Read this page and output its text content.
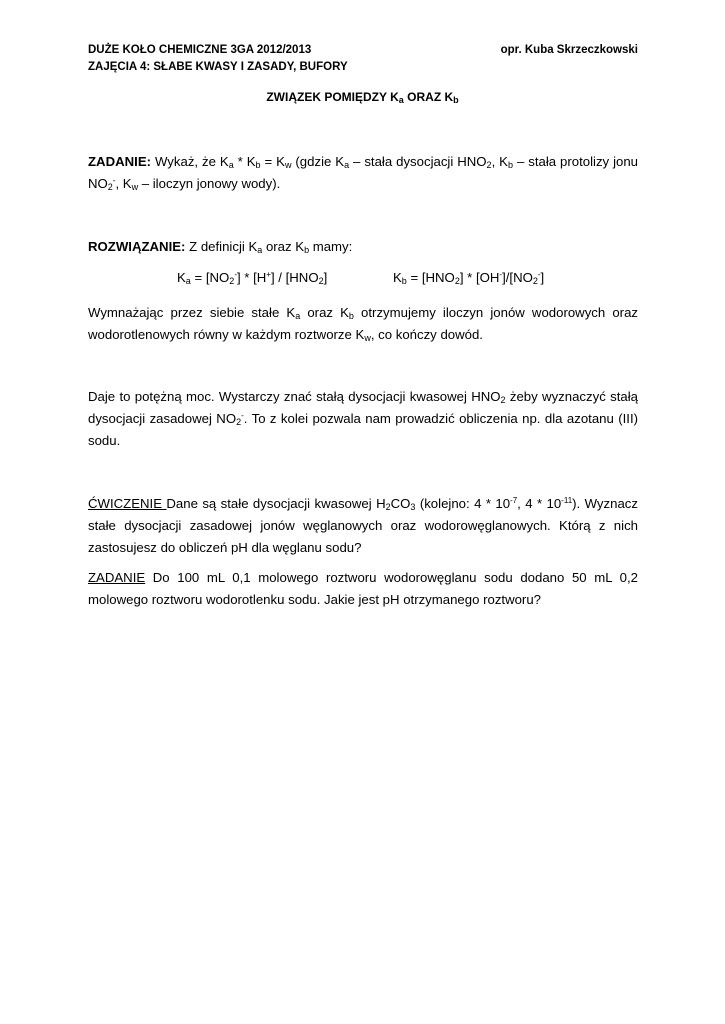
DUŻE KOŁO CHEMICZNE 3GA 2012/2013
ZAJĘCIA 4: SŁABE KWASY I ZASADY, BUFORY
opr. Kuba Skrzeczkowski
ZWIĄZEK POMIĘDZY $K_a$ ORAZ $K_b$
ZADANIE: Wykaż, że $K_a * K_b = K_w$ (gdzie $K_a$ – stała dysocjacji $HNO_2$, $K_b$ – stała protolizy jonu $NO_2^-$, $K_w$ – iloczyn jonowy wody).
ROZWIĄZANIE: Z definicji $K_a$ oraz $K_b$ mamy:
$K_a = [NO_2^-] * [H^+] / [HNO_2]$	$K_b = [HNO_2] * [OH^-]/[NO_2^-]$
Wymnażając przez siebie stałe $K_a$ oraz $K_b$ otrzymujemy iloczyn jonów wodorowych oraz wodorotlenowych równy w każdym roztworze $K_w$, co kończy dowód.
Daje to potężną moc. Wystarczy znać stałą dysocjacji kwasowej $HNO_2$ żeby wyznaczyć stałą dysocjacji zasadowej $NO_2^-$. To z kolei pozwala nam prowadzić obliczenia np. dla azotanu (III) sodu.
ĆWICZENIE Dane są stałe dysocjacji kwasowej $H_2CO_3$ (kolejno: $4 * 10^{-7}$, $4 * 10^{-11}$). Wyznacz stałe dysocjacji zasadowej jonów węglanowych oraz wodorowęglanowych. Którą z nich zastosujesz do obliczeń pH dla węglanu sodu?
ZADANIE Do 100 mL 0,1 molowego roztworu wodorowęglanu sodu dodano 50 mL 0,2 molowego roztworu wodorotlenku sodu. Jakie jest pH otrzymanego roztworu?
